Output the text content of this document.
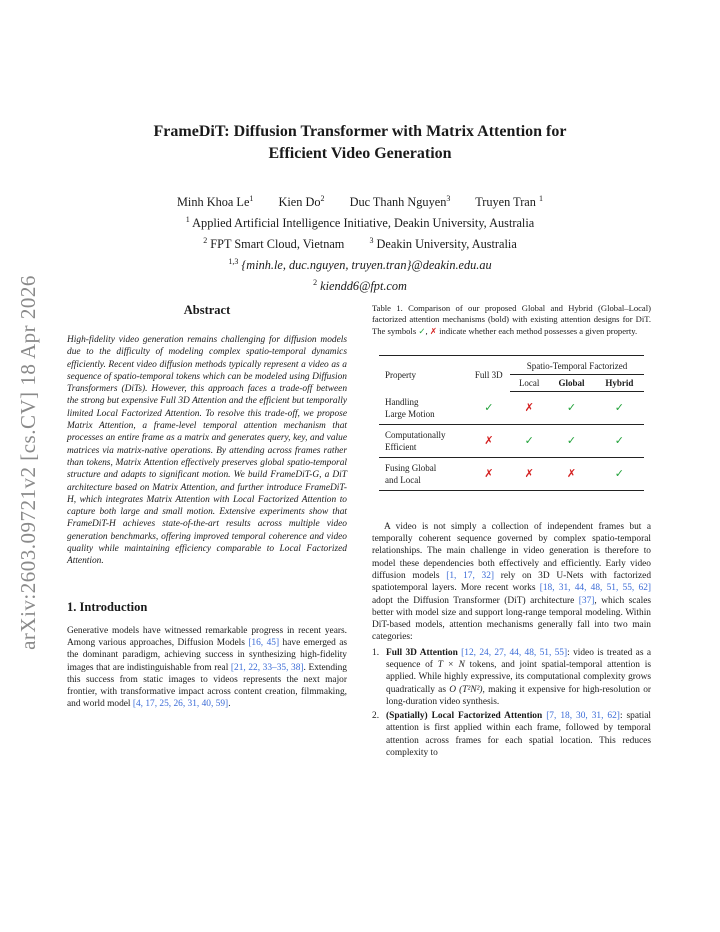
arXiv:2603.09721v2 [cs.CV] 18 Apr 2026
FrameDiT: Diffusion Transformer with Matrix Attention for
Efficient Video Generation
Minh Khoa Le$^1$ Kien Do$^2$ Duc Thanh Nguyen$^3$ Truyen Tran $^1$
$^1$ Applied Artificial Intelligence Initiative, Deakin University, Australia
$^2$ FPT Smart Cloud, Vietnam	$^3$ Deakin University, Australia
$^{1,3}$ {minh.le, duc.nguyen, truyen.tran}@deakin.edu.au
$^2$ kiendd6@fpt.com
Abstract

High-fidelity video generation remains challenging for diffusion models due to the difficulty of modeling complex spatio-temporal dynamics efficiently. Recent video diffusion methods typically represent a video as a sequence of spatio-temporal tokens which can be modeled using Diffusion Transformers (DiTs). However, this approach faces a trade-off between the strong but expensive Full 3D Attention and the efficient but temporally limited Local Factorized Attention. To resolve this trade-off, we propose Matrix Attention, a frame-level temporal attention mechanism that processes an entire frame as a matrix and generates query, key, and value matrices via matrix-native operations. By attending across frames rather than tokens, Matrix Attention effectively preserves global spatio-temporal structure and adapts to significant motion. We build FrameDiT-G, a DiT architecture based on Matrix Attention, and further introduce FrameDiT-H, which integrates Matrix Attention with Local Factorized Attention to capture both large and small motion. Extensive experiments show that FrameDiT-H achieves state-of-the-art results across multiple video generation benchmarks, offering improved temporal coherence and video quality while maintaining efficiency comparable to Local Factorized Attention.

1. Introduction

Generative models have witnessed remarkable progress in recent years. Among various approaches, Diffusion Models [16, 45] have emerged as the dominant paradigm, achieving success in synthesizing high-fidelity images that are indistinguishable from real [21, 22, 33–35, 38]. Extending this success from static images to videos represents the next major frontier, with transformative impact across content creation, filmmaking, and world model [4, 17, 25, 26, 31, 40, 59].

Table 1. Comparison of our proposed Global and Hybrid (Global–Local) factorized attention mechanisms (bold) with existing attention designs for DiT. The symbols ✓, ✗ indicate whether each method possesses a given property.

Property	Full 3D	Spatio-Temporal Factorized		
		Local	Global	Hybrid
Handling
Large Motion	✓	✗	✓	✓
Computationally
Efficient	✗	✓	✓	✓
Fusing Global
and Local	✗	✗	✗	✓

A video is not simply a collection of independent frames but a temporally coherent sequence governed by complex spatio-temporal relationships. The main challenge in video generation is therefore to model these dependencies both effectively and efficiently. Early video diffusion models [1, 17, 32] rely on 3D U-Nets with factorized spatiotemporal layers. More recent works [18, 31, 44, 48, 51, 55, 62] adopt the Diffusion Transformer (DiT) architecture [37], which scales better with model size and support long-range temporal modeling. Within DiT-based models, attention mechanisms generally fall into two main categories:

1. Full 3D Attention [12, 24, 27, 44, 48, 51, 55]: video is treated as a sequence of T × N tokens, and joint spatial-temporal attention is applied. While highly expressive, its computational complexity grows quadratically as O (T²N²), making it expensive for high-resolution or long-duration video synthesis.
2. (Spatially) Local Factorized Attention [7, 18, 30, 31, 62]: spatial attention is first applied within each frame, followed by temporal attention across frames for each spatial location. This reduces complexity to
